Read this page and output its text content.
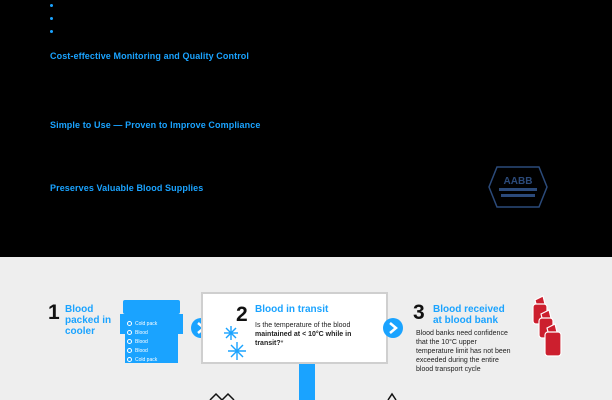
Cost-effective Monitoring and Quality Control
Simple to Use — Proven to Improve Compliance
Preserves Valuable Blood Supplies
AABB
1 Blood
packed in
cooler
Cold pack
Blood
Blood
Blood
Cold pack
2 Blood in transit
Is the temperature of the blood maintained at < 10°C while in transit?*
3 Blood received
at blood bank
Blood banks need confidence that the 10°C upper temperature limit has not been exceeded during the entire blood transport cycle
